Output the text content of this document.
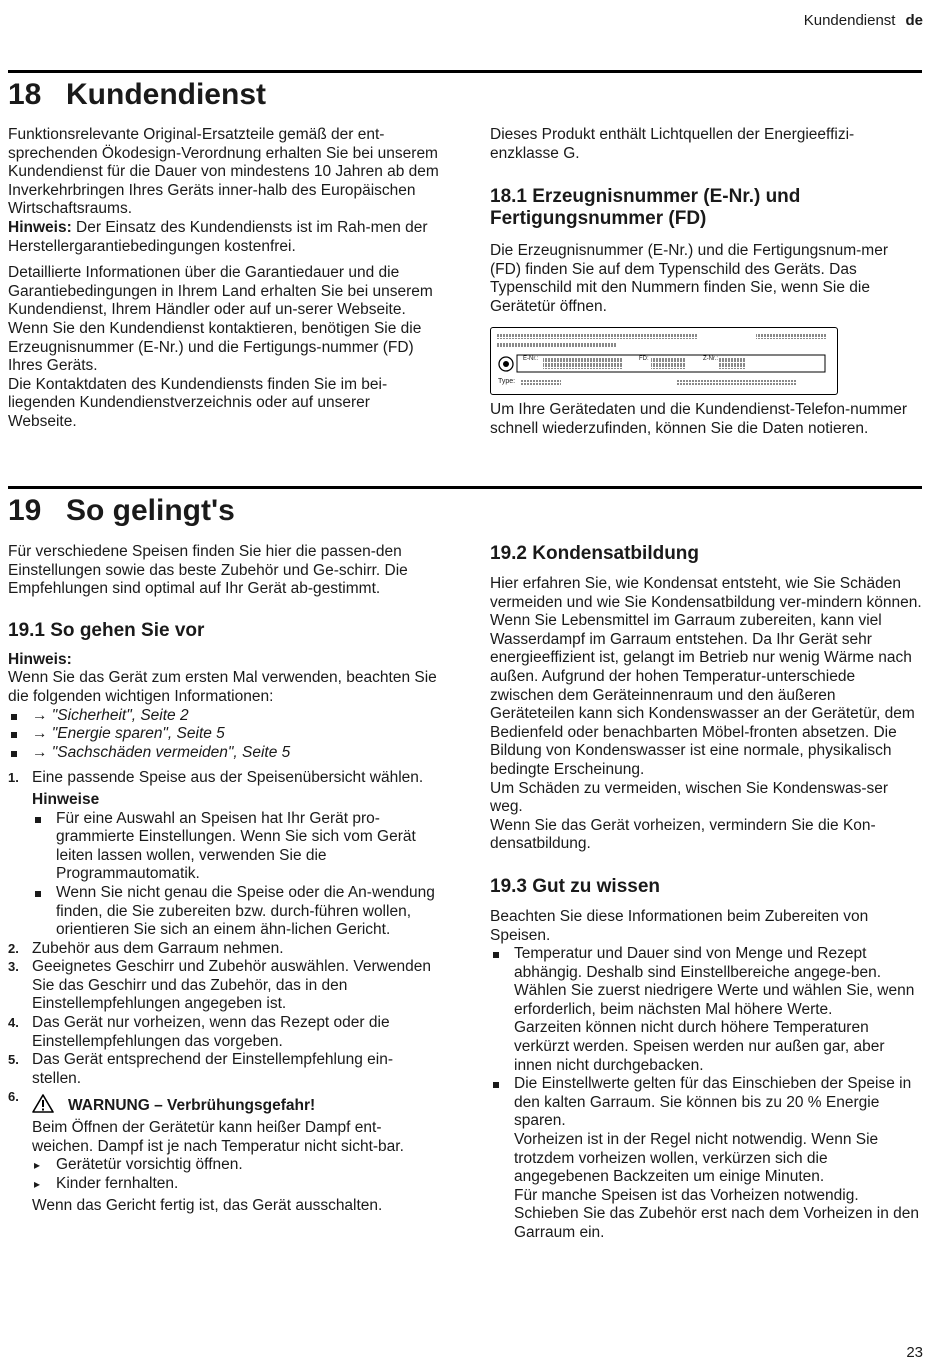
Kundendienst de
18 Kundendienst

Funktionsrelevante Original-Ersatzteile gemäß der ent-sprechenden Ökodesign-Verordnung erhalten Sie bei unserem Kundendienst für die Dauer von mindestens 10 Jahren ab dem Inverkehrbringen Ihres Geräts inner-halb des Europäischen Wirtschaftsraums.

Hinweis: Der Einsatz des Kundendiensts ist im Rah-men der Herstellergarantiebedingungen kostenfrei.

Detaillierte Informationen über die Garantiedauer und die Garantiebedingungen in Ihrem Land erhalten Sie bei unserem Kundendienst, Ihrem Händler oder auf un-serer Webseite.

Wenn Sie den Kundendienst kontaktieren, benötigen Sie die Erzeugnisnummer (E-Nr.) und die Fertigungs-nummer (FD) Ihres Geräts.

Die Kontaktdaten des Kundendiensts finden Sie im bei-liegenden Kundendienstverzeichnis oder auf unserer Webseite.

Dieses Produkt enthält Lichtquellen der Energieeffizi-enzklasse G.

18.1 Erzeugnisnummer (E-Nr.) und Fertigungsnummer (FD)

Die Erzeugnisnummer (E-Nr.) und die Fertigungsnum-mer (FD) finden Sie auf dem Typenschild des Geräts. Das Typenschild mit den Nummern finden Sie, wenn Sie die Gerätetür öffnen.

E-Nr.:	FD:	Z-Nr.:
Type:

Um Ihre Gerätedaten und die Kundendienst-Telefon-nummer schnell wiederzufinden, können Sie die Daten notieren.

19 So gelingt's

Für verschiedene Speisen finden Sie hier die passen-den Einstellungen sowie das beste Zubehör und Ge-schirr. Die Empfehlungen sind optimal auf Ihr Gerät ab-gestimmt.

19.1 So gehen Sie vor

Hinweis:

Wenn Sie das Gerät zum ersten Mal verwenden, beachten Sie die folgenden wichtigen Informationen:

→ "Sicherheit", Seite 2
→ "Energie sparen", Seite 5
→ "Sachschäden vermeiden", Seite 5
1. Eine passende Speise aus der Speisenübersicht wählen.

Hinweise

Für eine Auswahl an Speisen hat Ihr Gerät pro-grammierte Einstellungen. Wenn Sie sich vom Gerät leiten lassen wollen, verwenden Sie die Programmautomatik.
Wenn Sie nicht genau die Speise oder die An-wendung finden, die Sie zubereiten bzw. durch-führen wollen, orientieren Sie sich an einem ähn-lichen Gericht.
2. Zubehör aus dem Garraum nehmen.
3. Geeignetes Geschirr und Zubehör auswählen. Verwenden Sie das Geschirr und das Zubehör, das in den Einstellempfehlungen angegeben ist.
4. Das Gerät nur vorheizen, wenn das Rezept oder die Einstellempfehlungen das vorgeben.
5. Das Gerät entsprechend der Einstellempfehlung ein-stellen.
6.

WARNUNG – Verbrühungsgefahr!

Beim Öffnen der Gerätetür kann heißer Dampf ent-weichen. Dampf ist je nach Temperatur nicht sicht-bar.

▸ Gerätetür vorsichtig öffnen.
▸ Kinder fernhalten.

Wenn das Gericht fertig ist, das Gerät ausschalten.

19.2 Kondensatbildung

Hier erfahren Sie, wie Kondensat entsteht, wie Sie Schäden vermeiden und wie Sie Kondensatbildung ver-mindern können.

Wenn Sie Lebensmittel im Garraum zubereiten, kann viel Wasserdampf im Garraum entstehen. Da Ihr Gerät sehr energieeffizient ist, gelangt im Betrieb nur wenig Wärme nach außen. Aufgrund der hohen Temperatur-unterschiede zwischen dem Geräteinnenraum und den äußeren Geräteteilen kann sich Kondenswasser an der Gerätetür, dem Bedienfeld oder benachbarten Möbel-fronten absetzen. Die Bildung von Kondenswasser ist eine normale, physikalisch bedingte Erscheinung.

Um Schäden zu vermeiden, wischen Sie Kondenswas-ser weg.

Wenn Sie das Gerät vorheizen, vermindern Sie die Kon-densatbildung.

19.3 Gut zu wissen

Beachten Sie diese Informationen beim Zubereiten von Speisen.

Temperatur und Dauer sind von Menge und Rezept abhängig. Deshalb sind Einstellbereiche angege-ben. Wählen Sie zuerst niedrigere Werte und wählen Sie, wenn erforderlich, beim nächsten Mal höhere Werte.

Garzeiten können nicht durch höhere Temperaturen verkürzt werden. Speisen werden nur außen gar, aber innen nicht durchgebacken.

Die Einstellwerte gelten für das Einschieben der Speise in den kalten Garraum. Sie können bis zu 20 % Energie sparen.

Vorheizen ist in der Regel nicht notwendig. Wenn Sie trotzdem vorheizen wollen, verkürzen sich die angegebenen Backzeiten um einige Minuten.

Für manche Speisen ist das Vorheizen notwendig. Schieben Sie das Zubehör erst nach dem Vorheizen in den Garraum ein.

23
